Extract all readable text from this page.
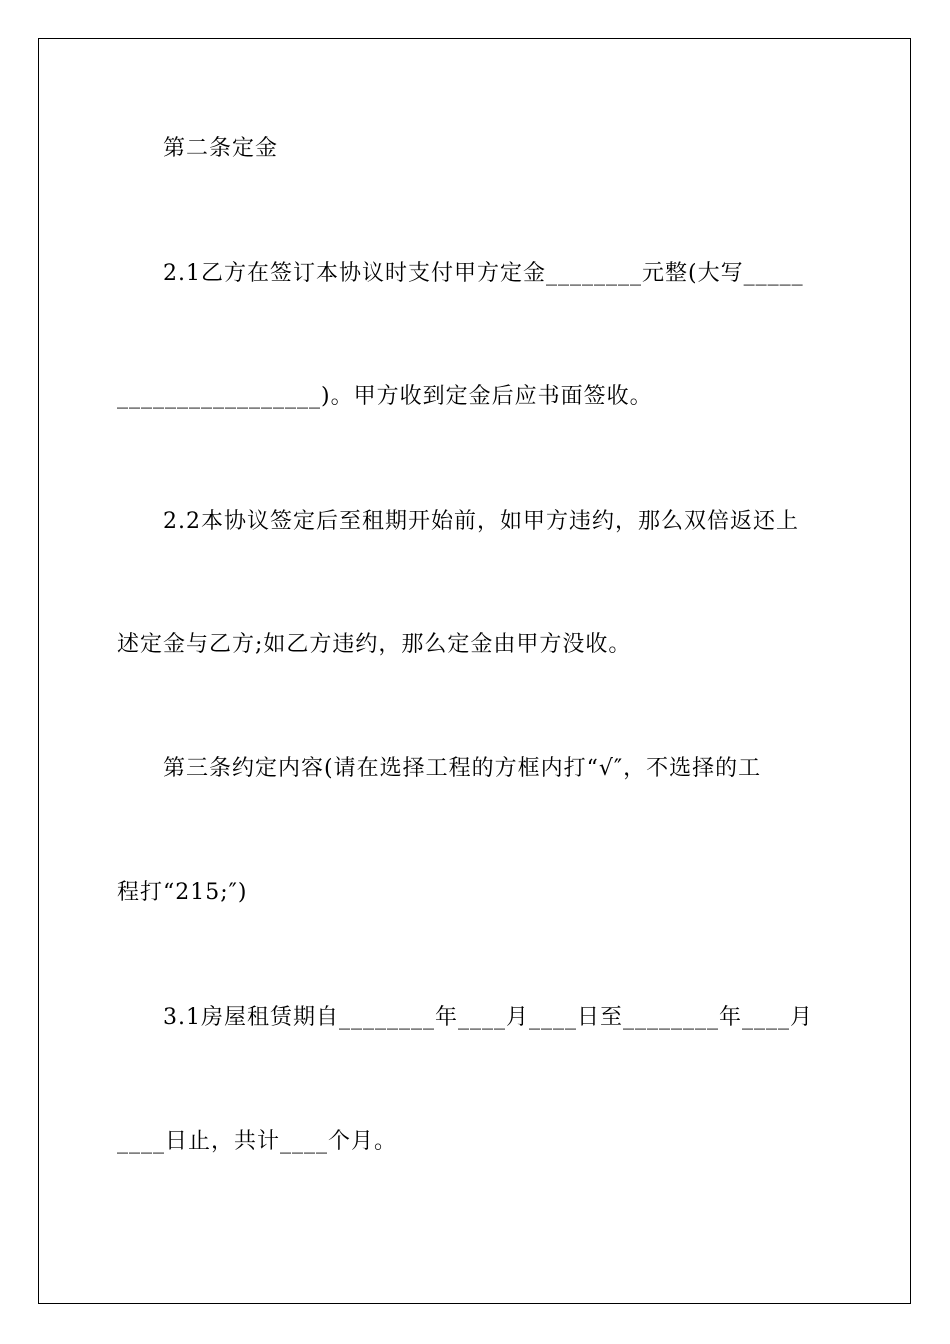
第二条定金
2.1乙方在签订本协议时支付甲方定金________元整(大写_____
_________________)。甲方收到定金后应书面签收。
2.2本协议签定后至租期开始前，如甲方违约，那么双倍返还上
述定金与乙方;如乙方违约，那么定金由甲方没收。
第三条约定内容(请在选择工程的方框内打“√″，不选择的工
程打“215;″)
3.1房屋租赁期自________年____月____日至________年____月
____日止，共计____个月。
